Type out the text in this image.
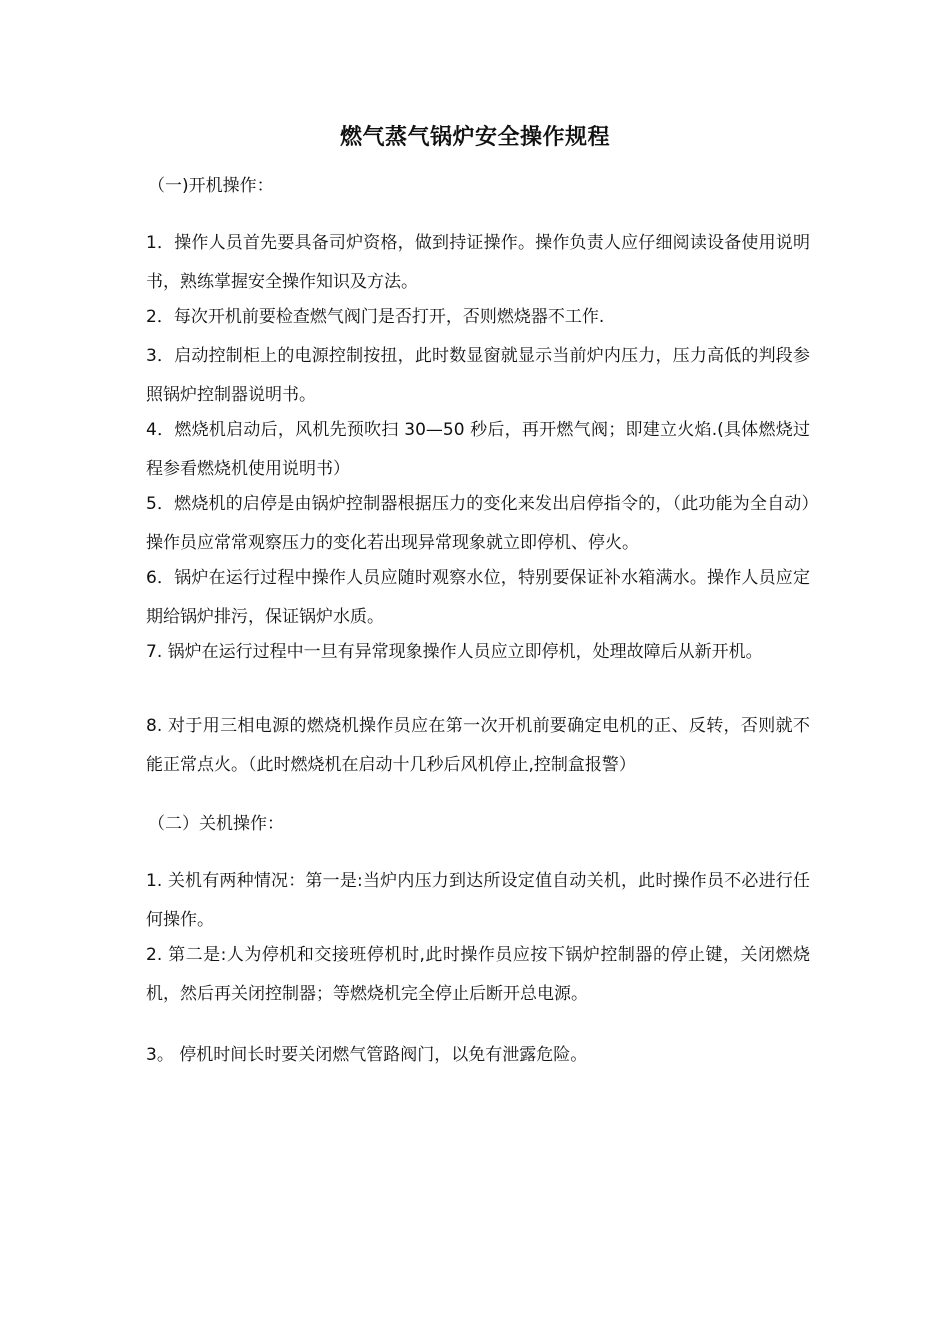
燃气蒸气锅炉安全操作规程
（一)开机操作：
1．操作人员首先要具备司炉资格，做到持证操作。操作负责人应仔细阅读设备使用说明书，熟练掌握安全操作知识及方法。
2．每次开机前要检查燃气阀门是否打开，否则燃烧器不工作.
3．启动控制柜上的电源控制按扭，此时数显窗就显示当前炉内压力，压力高低的判段参照锅炉控制器说明书。
4．燃烧机启动后，风机先预吹扫 30—50 秒后，再开燃气阀；即建立火焰.(具体燃烧过程参看燃烧机使用说明书）
5．燃烧机的启停是由锅炉控制器根据压力的变化来发出启停指令的，（此功能为全自动）操作员应常常观察压力的变化若出现异常现象就立即停机、停火。
6．锅炉在运行过程中操作人员应随时观察水位，特别要保证补水箱满水。操作人员应定期给锅炉排污，保证锅炉水质。
7. 锅炉在运行过程中一旦有异常现象操作人员应立即停机，处理故障后从新开机。
8. 对于用三相电源的燃烧机操作员应在第一次开机前要确定电机的正、反转，否则就不能正常点火。（此时燃烧机在启动十几秒后风机停止,控制盒报警）
（二）关机操作：
1. 关机有两种情况：第一是:当炉内压力到达所设定值自动关机，此时操作员不必进行任何操作。
2. 第二是:人为停机和交接班停机时,此时操作员应按下锅炉控制器的停止键，关闭燃烧机，然后再关闭控制器；等燃烧机完全停止后断开总电源。
3。 停机时间长时要关闭燃气管路阀门，以免有泄露危险。
